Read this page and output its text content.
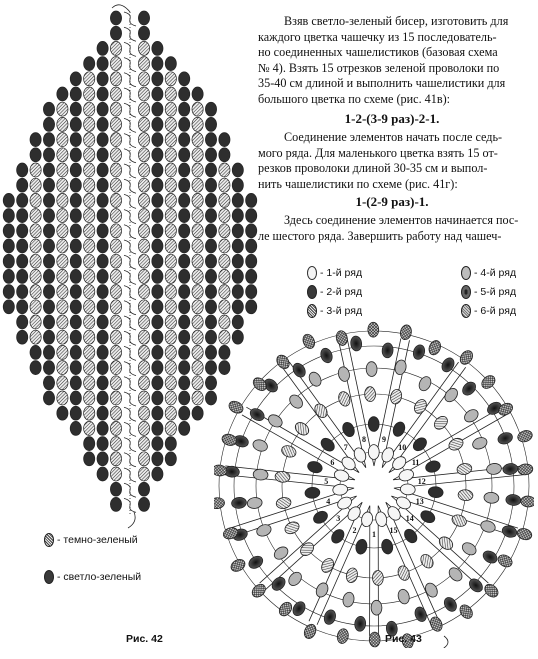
- темно-зеленый
- светло-зеленый
Рис. 42
Взяв светло-зеленый бисер, изготовить для
каждого цветка чашечку из 15 последователь-
но соединенных чашелистиков (базовая схема
№ 4). Взять 15 отрезков зеленой проволоки по
35-40 см длиной и выполнить чашелистики для
большого цветка по схеме (рис. 41в):
1-2-(3-9 раз)-2-1.
Соединение элементов начать после седь-
мого ряда. Для маленького цветка взять 15 от-
резков проволоки длиной 30-35 см и выпол-
нить чашелистики по схеме (рис. 41г):
1-(2-9 раз)-1.
Здесь соединение элементов начинается пос-
ле шестого ряда. Завершить работу над чашеч-
- 1-й ряд
- 2-й ряд
- 3-й ряд
- 4-й ряд
- 5-й ряд
- 6-й ряд
1
2
3
4
5
6
7
8 9
10
11
12
13
14
15
Рис. 43
